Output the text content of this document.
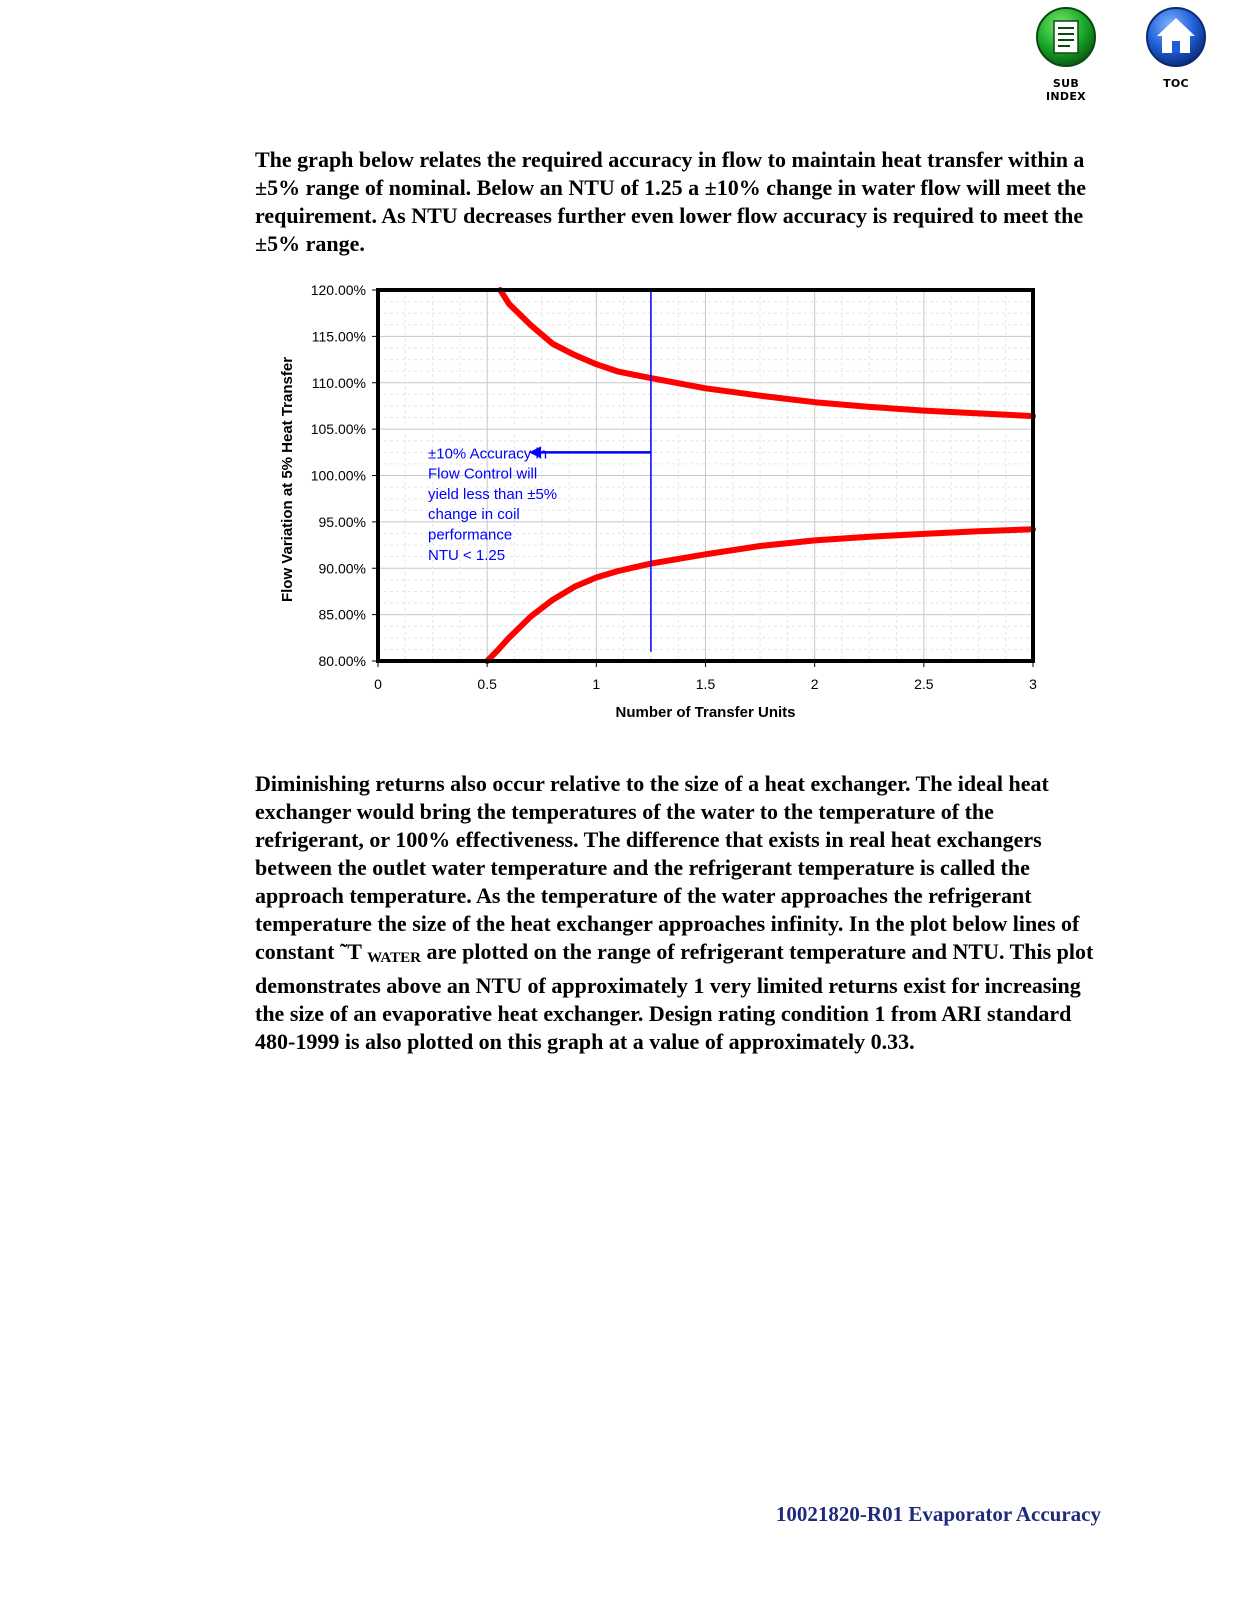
SUB INDEX
TOC

The graph below relates the required accuracy in flow to maintain heat transfer within a ±5% range of nominal. Below an NTU of 1.25 a ±10% change in water flow will meet the requirement. As NTU decreases further even lower flow accuracy is required to meet the ±5% range.

80.00%
85.00%
90.00%
95.00%
100.00%
105.00%
110.00%
115.00%
120.00%
0	0.5	1	1.5	2	2.5	3
Number of Transfer Units
Flow Variation at 5% Heat Transfer	±10% Accuracy in Flow Control will yield less than ±5% change in coil performance NTU < 1.25

Diminishing returns also occur relative to the size of a heat exchanger. The ideal heat exchanger would bring the temperatures of the water to the temperature of the refrigerant, or 100% effectiveness. The difference that exists in real heat exchangers between the outlet water temperature and the refrigerant temperature is called the approach temperature. As the temperature of the water approaches the refrigerant temperature the size of the heat exchanger approaches infinity. In the plot below lines of constant ˜T WATER are plotted on the range of refrigerant temperature and NTU. This plot demonstrates above an NTU of approximately 1 very limited returns exist for increasing the size of an evaporative heat exchanger. Design rating condition 1 from ARI standard 480-1999 is also plotted on this graph at a value of approximately 0.33.

10021820-R01 Evaporator Accuracy
